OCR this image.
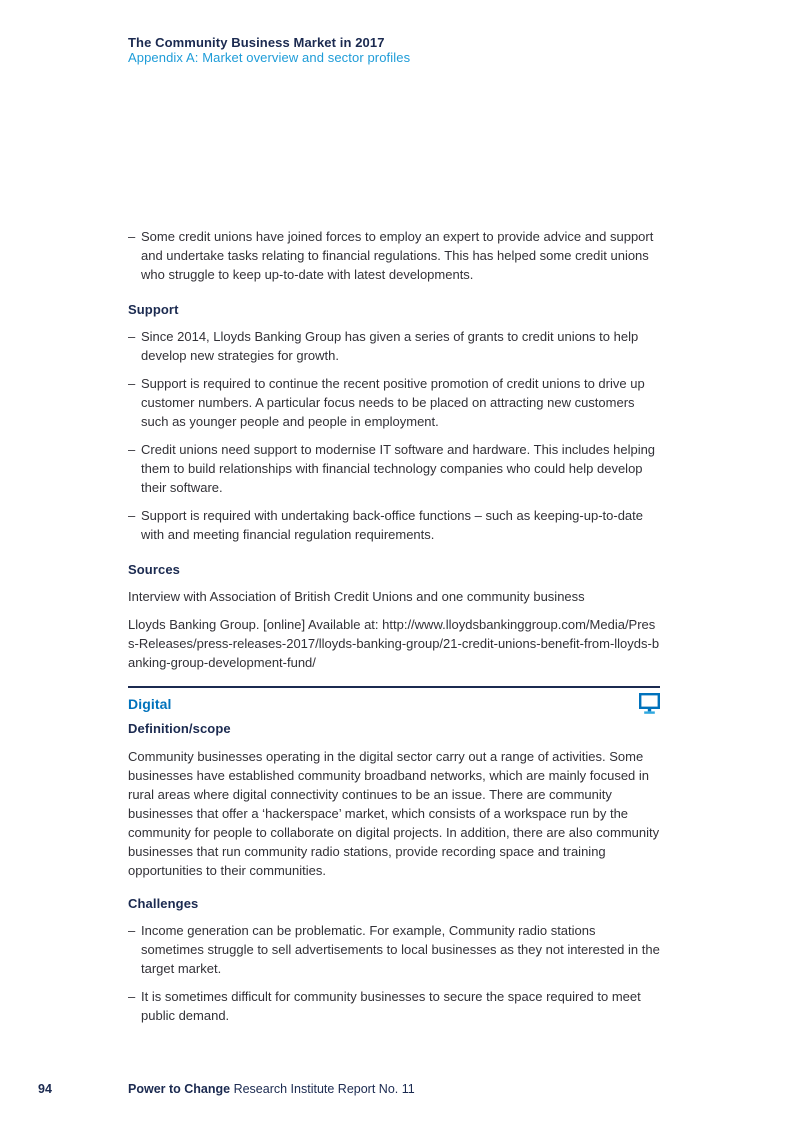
The Community Business Market in 2017
Appendix A: Market overview and sector profiles
– Some credit unions have joined forces to employ an expert to provide advice and support and undertake tasks relating to financial regulations. This has helped some credit unions who struggle to keep up-to-date with latest developments.
Support
– Since 2014, Lloyds Banking Group has given a series of grants to credit unions to help develop new strategies for growth.
– Support is required to continue the recent positive promotion of credit unions to drive up customer numbers. A particular focus needs to be placed on attracting new customers such as younger people and people in employment.
– Credit unions need support to modernise IT software and hardware. This includes helping them to build relationships with financial technology companies who could help develop their software.
– Support is required with undertaking back-office functions – such as keeping-up-to-date with and meeting financial regulation requirements.
Sources

Interview with Association of British Credit Unions and one community business

Lloyds Banking Group. [online] Available at: http://www.lloydsbankinggroup.com/Media/Press-Releases/press-releases-2017/lloyds-banking-group/21-credit-unions-benefit-from-lloyds-banking-group-development-fund/

Digital
Definition/scope

Community businesses operating in the digital sector carry out a range of activities. Some businesses have established community broadband networks, which are mainly focused in rural areas where digital connectivity continues to be an issue. There are community businesses that offer a ‘hackerspace’ market, which consists of a workspace run by the community for people to collaborate on digital projects. In addition, there are also community businesses that run community radio stations, provide recording space and training opportunities to their communities.

Challenges
– Income generation can be problematic. For example, Community radio stations sometimes struggle to sell advertisements to local businesses as they not interested in the target market.
– It is sometimes difficult for community businesses to secure the space required to meet public demand.
94	Power to Change Research Institute Report No. 11
